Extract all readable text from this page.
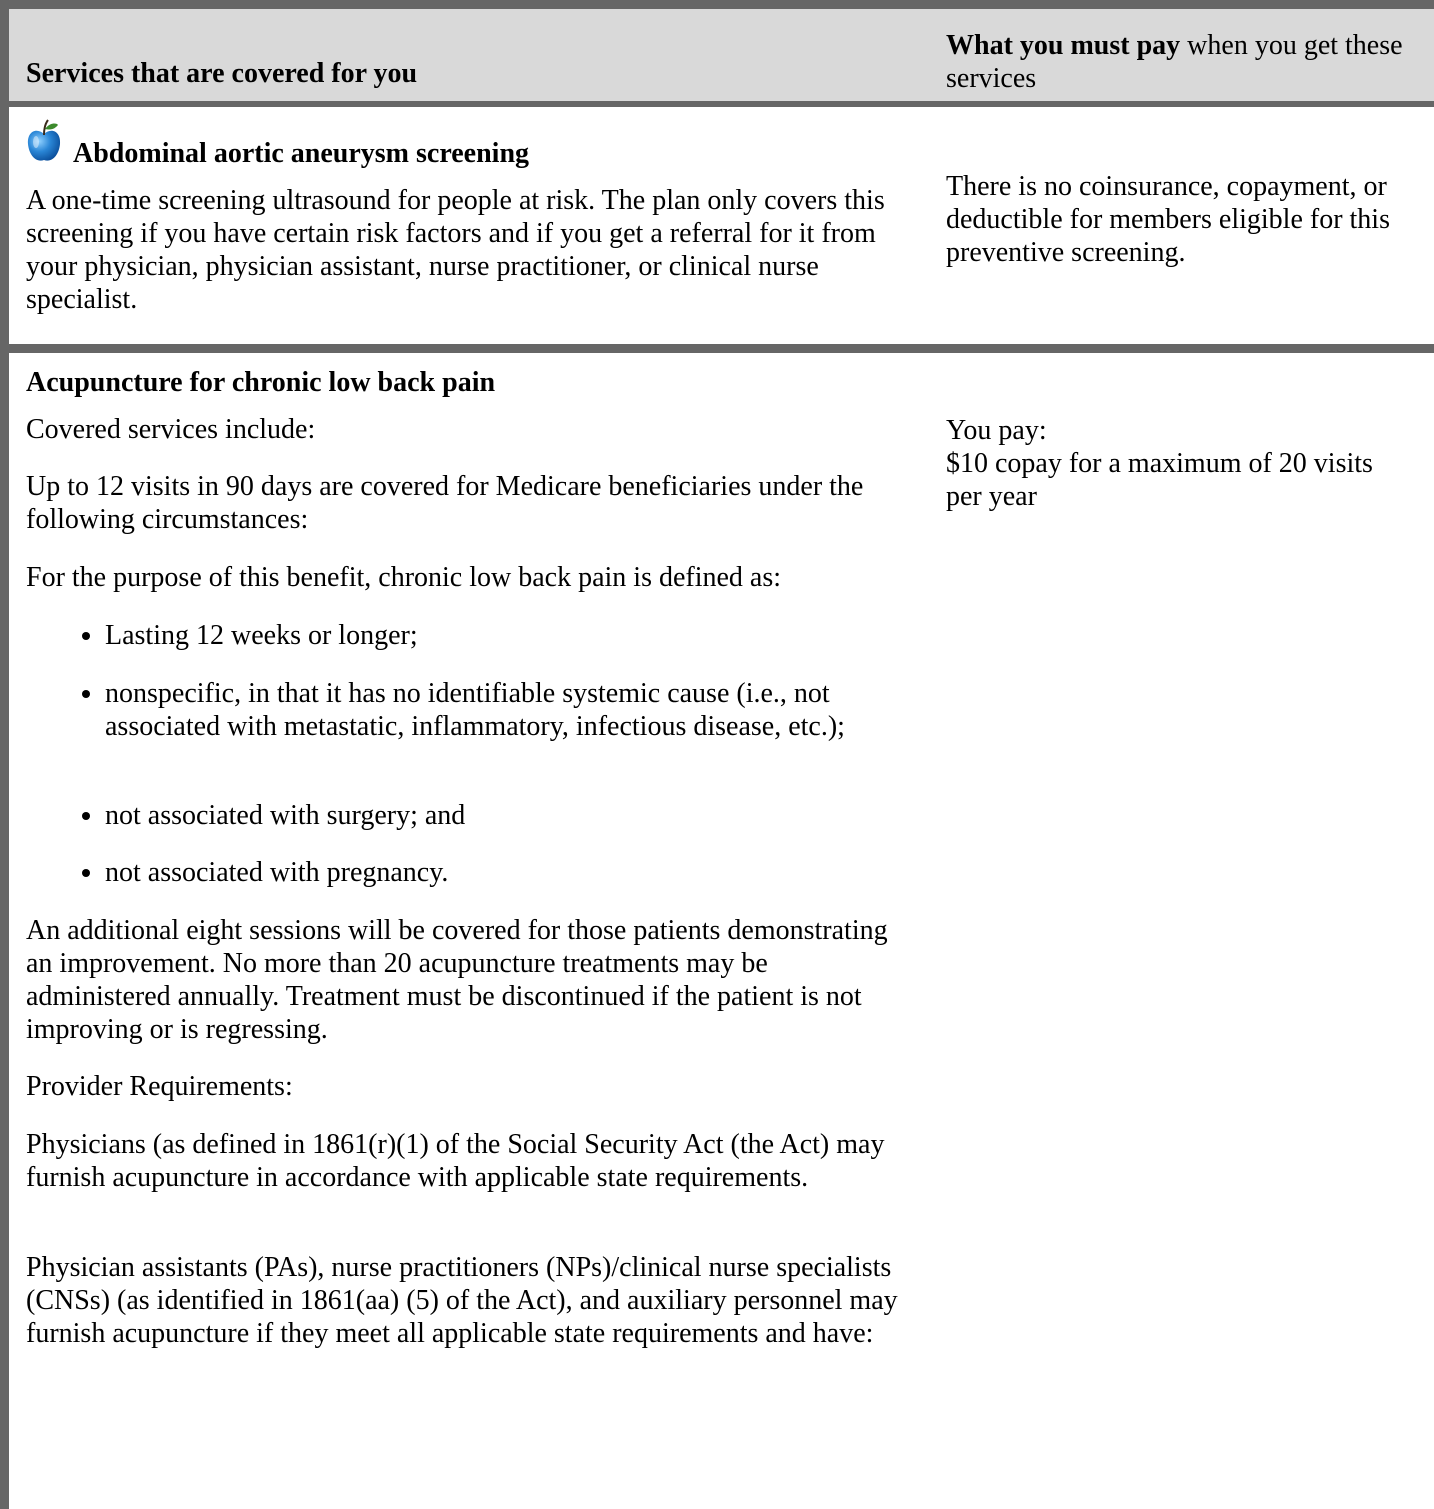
Services that are covered for you
What you must pay when you get these services
Abdominal aortic aneurysm screening
A one-time screening ultrasound for people at risk. The plan only covers this screening if you have certain risk factors and if you get a referral for it from your physician, physician assistant, nurse practitioner, or clinical nurse specialist.
There is no coinsurance, copayment, or deductible for members eligible for this preventive screening.
Acupuncture for chronic low back pain
Covered services include:
Up to 12 visits in 90 days are covered for Medicare beneficiaries under the following circumstances:
For the purpose of this benefit, chronic low back pain is defined as:
Lasting 12 weeks or longer;
nonspecific, in that it has no identifiable systemic cause (i.e., not associated with metastatic, inflammatory, infectious disease, etc.);
not associated with surgery; and
not associated with pregnancy.
An additional eight sessions will be covered for those patients demonstrating an improvement. No more than 20 acupuncture treatments may be administered annually. Treatment must be discontinued if the patient is not improving or is regressing.
Provider Requirements:
Physicians (as defined in 1861(r)(1) of the Social Security Act (the Act) may furnish acupuncture in accordance with applicable state requirements.
Physician assistants (PAs), nurse practitioners (NPs)/clinical nurse specialists (CNSs) (as identified in 1861(aa) (5) of the Act), and auxiliary personnel may furnish acupuncture if they meet all applicable state requirements and have:
You pay:
$10 copay for a maximum of 20 visits per year
